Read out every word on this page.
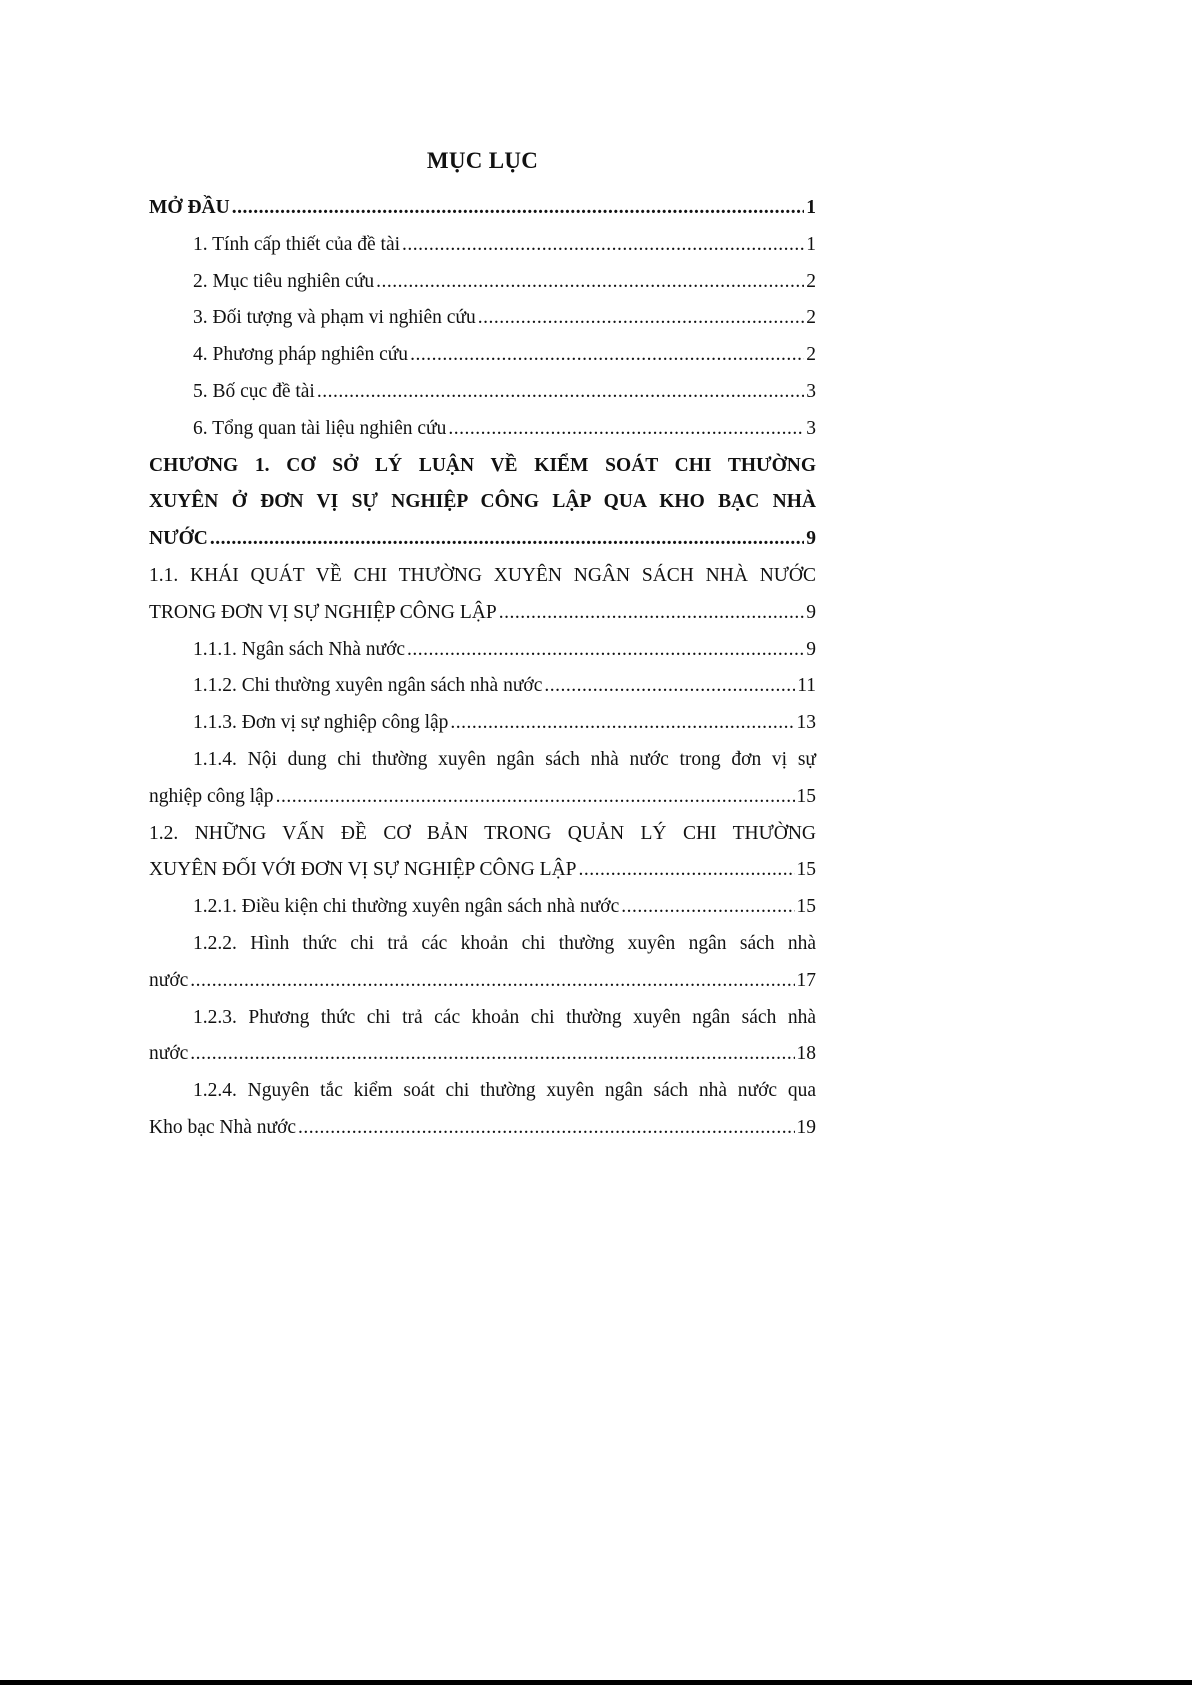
MỤC LỤC
MỞ ĐẦU .....	1
1. Tính cấp thiết của đề tài .....	1
2. Mục tiêu nghiên cứu .....	2
3. Đối tượng và phạm vi nghiên cứu .....	2
4. Phương pháp nghiên cứu .....	2
5. Bố cục đề tài .....	3
6. Tổng quan tài liệu nghiên cứu .....	3
CHƯƠNG 1. CƠ SỞ LÝ LUẬN VỀ KIỂM SOÁT CHI THƯỜNG
XUYÊN Ở ĐƠN VỊ SỰ NGHIỆP CÔNG LẬP QUA KHO BẠC NHÀ
NƯỚC .....	9
1.1. KHÁI QUÁT VỀ CHI THƯỜNG XUYÊN NGÂN SÁCH NHÀ NƯỚC
TRONG ĐƠN VỊ SỰ NGHIỆP CÔNG LẬP .....	9
1.1.1. Ngân sách Nhà nước .....	9
1.1.2. Chi thường xuyên ngân sách nhà nước .....	11
1.1.3. Đơn vị sự nghiệp công lập .....	13
1.1.4. Nội dung chi thường xuyên ngân sách nhà nước trong đơn vị sự
nghiệp công lập .....	15
1.2. NHỮNG VẤN ĐỀ CƠ BẢN TRONG QUẢN LÝ CHI THƯỜNG
XUYÊN ĐỐI VỚI ĐƠN VỊ SỰ NGHIỆP CÔNG LẬP .....	15
1.2.1. Điều kiện chi thường xuyên ngân sách nhà nước .....	15
1.2.2. Hình thức chi trả các khoản chi thường xuyên ngân sách nhà
nước .....	17
1.2.3. Phương thức chi trả các khoản chi thường xuyên ngân sách nhà
nước .....	18
1.2.4. Nguyên tắc kiểm soát chi thường xuyên ngân sách nhà nước qua
Kho bạc Nhà nước .....	19
